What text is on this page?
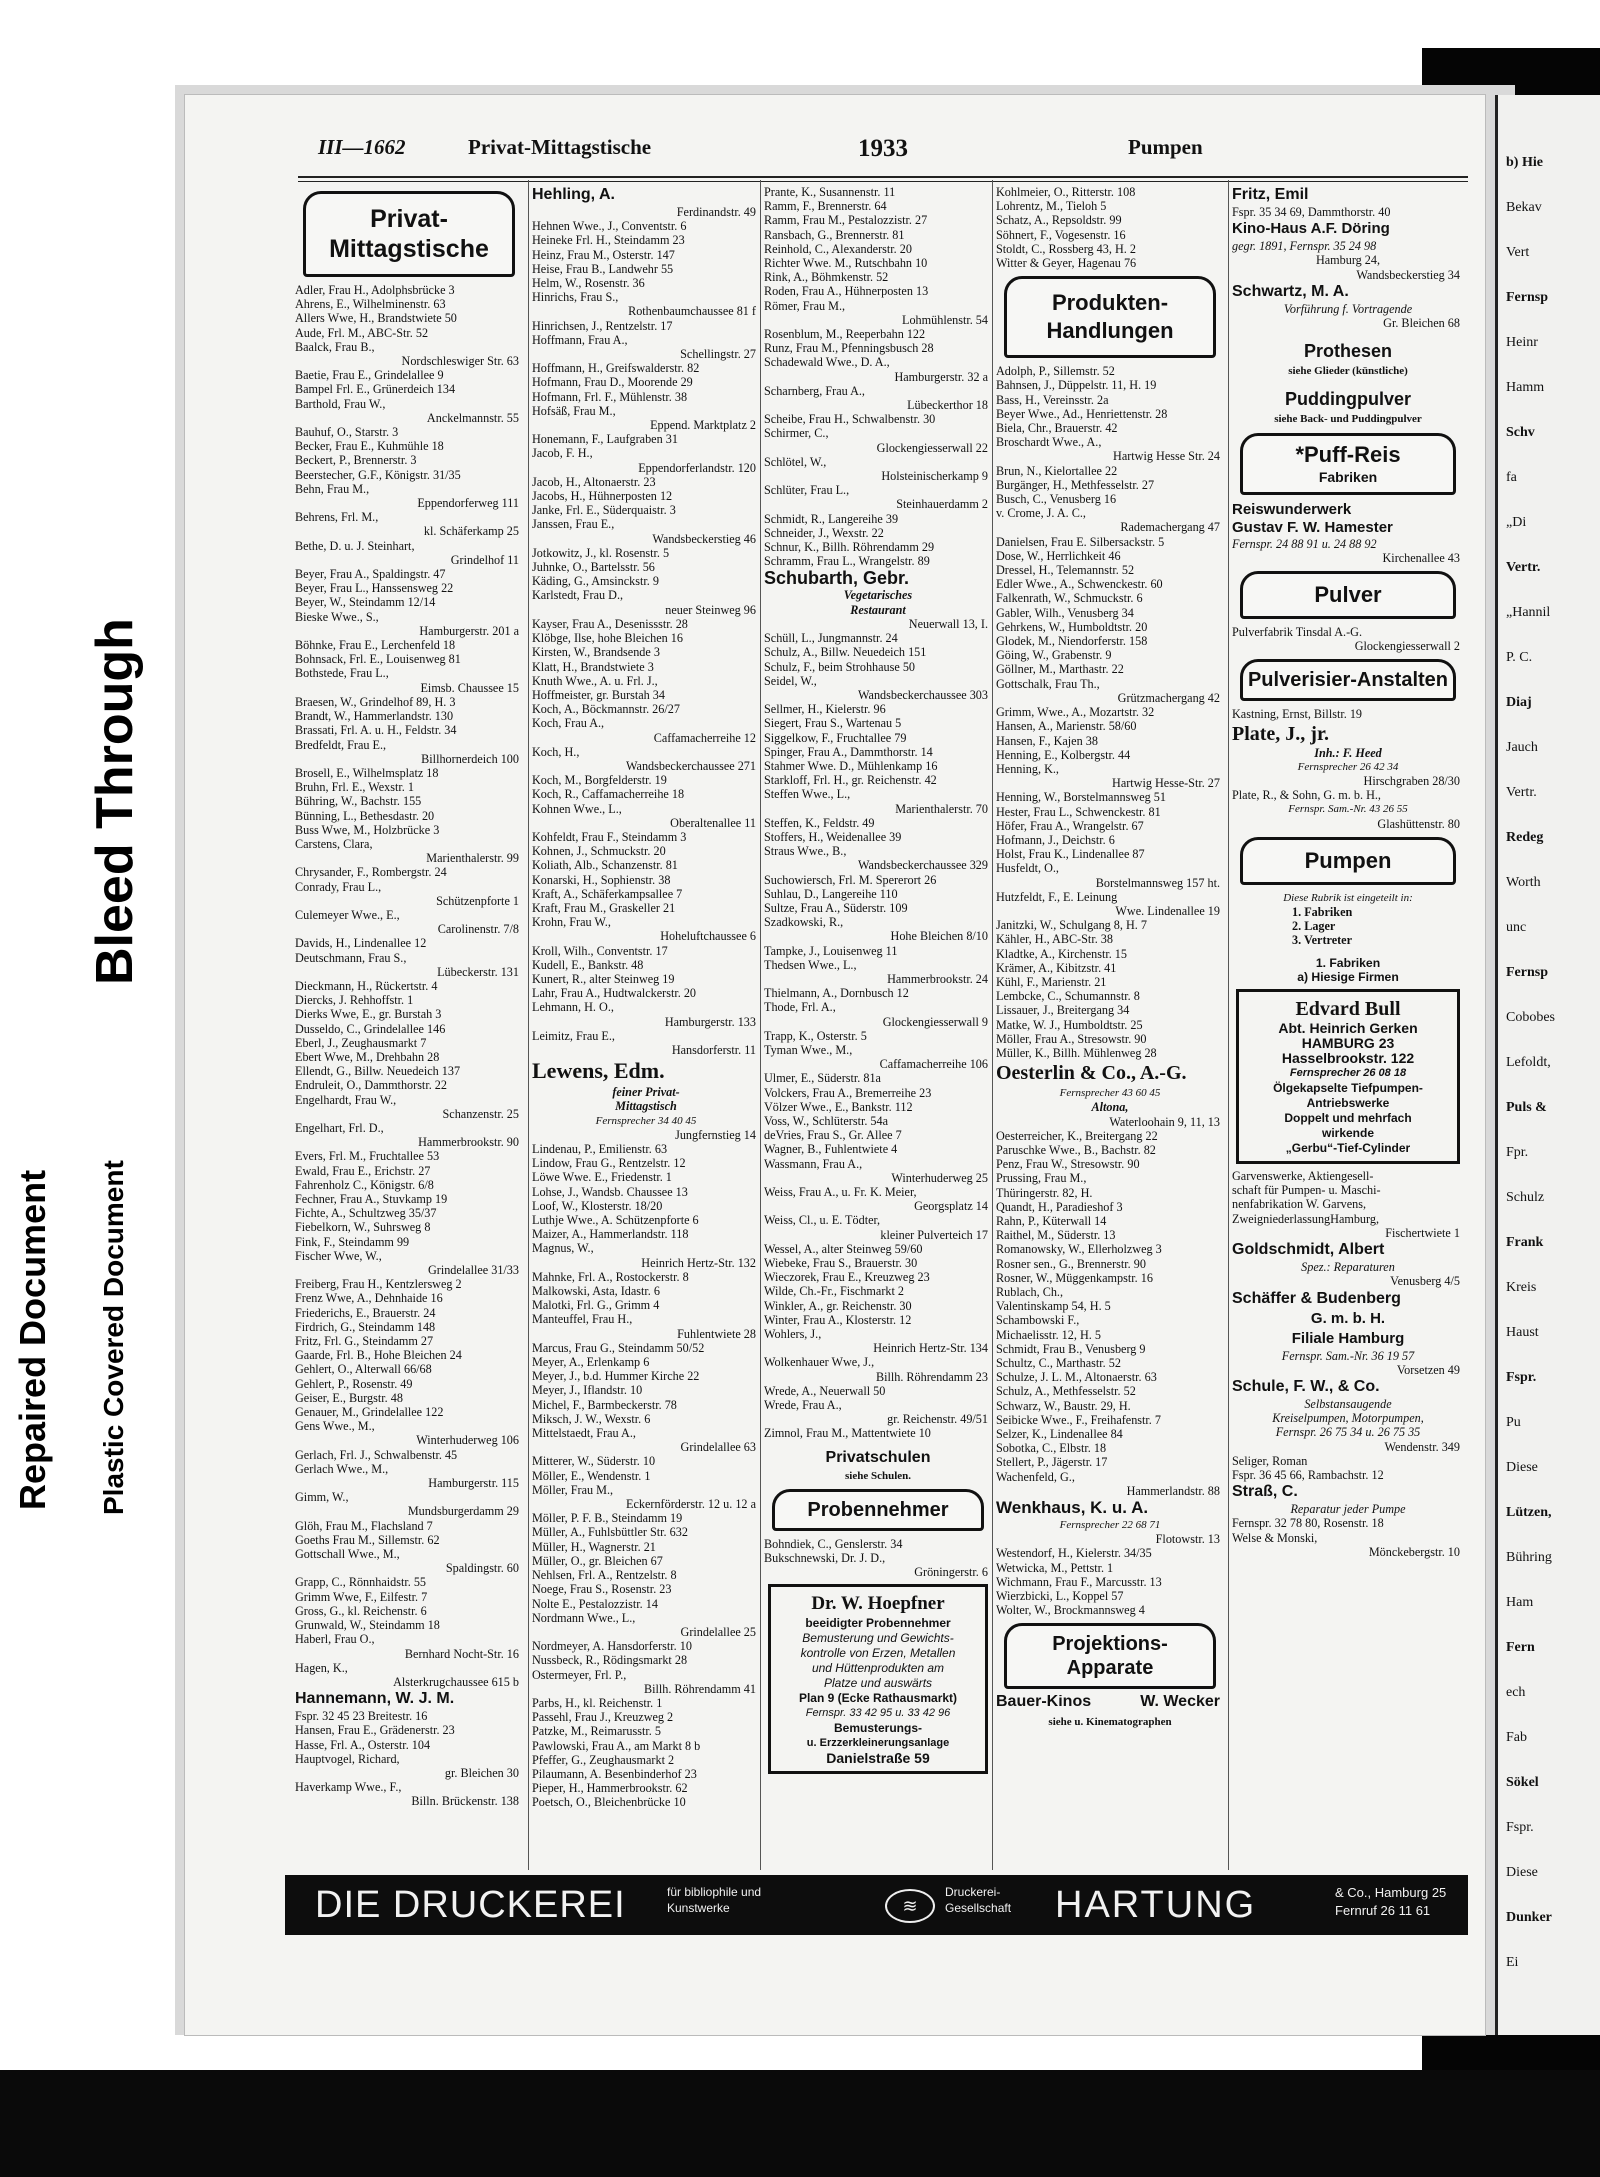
Repaired Document Plastic Covered Document
Bleed Through
b) Hie
Bekav
Vert
Fernsp
Heinr
Hamm
Schv
fa
„Di
Vertr.
„Hannil
P. C.
Diaj
Jauch
Vertr.
Redeg
Worth
unc
Fernsp
Cobobes
Lefoldt,
Puls &
Fpr.
Schulz
Frank
Kreis
Haust
Fspr.
Pu
Diese
Lützen,
Bühring
Ham
Fern
ech
Fab
Sökel
Fspr.
Diese
Dunker
Ei
III—1662	Privat-Mittagstische	1933	Pumpen
Privat-Mittagstische
Adler, Frau H., Adolphsbrücke 3
Ahrens, E., Wilhelminenstr. 63
Allers Wwe, H., Brandstwiete 50
Aude, Frl. M., ABC-Str. 52
Baalck, Frau B.,
Nordschleswiger Str. 63
Baetie, Frau E., Grindelallee 9
Bampel Frl. E., Grünerdeich 134
Barthold, Frau W.,
Anckelmannstr. 55
Bauhuf, O., Starstr. 3
Becker, Frau E., Kuhmühle 18
Beckert, P., Brennerstr. 3
Beerstecher, G.F., Königstr. 31/35
Behn, Frau M.,
Eppendorferweg 111
Behrens, Frl. M.,
kl. Schäferkamp 25
Bethe, D. u. J. Steinhart,
Grindelhof 11
Beyer, Frau A., Spaldingstr. 47
Beyer, Frau L., Hanssensweg 22
Beyer, W., Steindamm 12/14
Bieske Wwe., S.,
Hamburgerstr. 201 a
Böhnke, Frau E., Lerchenfeld 18
Bohnsack, Frl. E., Louisenweg 81
Bothstede, Frau L.,
Eimsb. Chaussee 15
Braesen, W., Grindelhof 89, H. 3
Brandt, W., Hammerlandstr. 130
Brassati, Frl. A. u. H., Feldstr. 34
Bredfeldt, Frau E.,
Billhornerdeich 100
Brosell, E., Wilhelmsplatz 18
Bruhn, Frl. E., Wexstr. 1
Bühring, W., Bachstr. 155
Bünning, L., Bethesdastr. 20
Buss Wwe, M., Holzbrücke 3
Carstens, Clara,
Marienthalerstr. 99
Chrysander, F., Rombergstr. 24
Conrady, Frau L.,
Schützenpforte 1
Culemeyer Wwe., E.,
Carolinenstr. 7/8
Davids, H., Lindenallee 12
Deutschmann, Frau S.,
Lübeckerstr. 131
Dieckmann, H., Rückertstr. 4
Diercks, J. Rehhoffstr. 1
Dierks Wwe, E., gr. Burstah 3
Dusseldo, C., Grindelallee 146
Eberl, J., Zeughausmarkt 7
Ebert Wwe, M., Drehbahn 28
Ellendt, G., Billw. Neuedeich 137
Endruleit, O., Dammthorstr. 22
Engelhardt, Frau W.,
Schanzenstr. 25
Engelhart, Frl. D.,
Hammerbrookstr. 90
Evers, Frl. M., Fruchtallee 53
Ewald, Frau E., Erichstr. 27
Fahrenholz C., Königstr. 6/8
Fechner, Frau A., Stuvkamp 19
Fichte, A., Schultzweg 35/37
Fiebelkorn, W., Suhrsweg 8
Fink, F., Steindamm 99
Fischer Wwe, W.,
Grindelallee 31/33
Freiberg, Frau H., Kentzlersweg 2
Frenz Wwe, A., Dehnhaide 16
Friederichs, E., Brauerstr. 24
Firdrich, G., Steindamm 148
Fritz, Frl. G., Steindamm 27
Gaarde, Frl. B., Hohe Bleichen 24
Gehlert, O., Alterwall 66/68
Gehlert, P., Rosenstr. 49
Geiser, E., Burgstr. 48
Genauer, M., Grindelallee 122
Gens Wwe., M.,
Winterhuderweg 106
Gerlach, Frl. J., Schwalbenstr. 45
Gerlach Wwe., M.,
Hamburgerstr. 115
Gimm, W.,
Mundsburgerdamm 29
Glöh, Frau M., Flachsland 7
Goeths Frau M., Sillemstr. 62
Gottschall Wwe., M.,
Spaldingstr. 60
Grapp, C., Rönnhaidstr. 55
Grimm Wwe, F., Eilfestr. 7
Gross, G., kl. Reichenstr. 6
Grunwald, W., Steindamm 18
Haberl, Frau O.,
Bernhard Nocht-Str. 16
Hagen, K.,
Alsterkrugchaussee 615 b
Hannemann, W. J. M.
Fspr. 32 45 23 Breitestr. 16
Hansen, Frau E., Grädenerstr. 23
Hasse, Frl. A., Osterstr. 104
Hauptvogel, Richard,
gr. Bleichen 30
Haverkamp Wwe., F.,
Billn. Brückenstr. 138
Hehling, A.
Ferdinandstr. 49
Hehnen Wwe., J., Conventstr. 6
Heineke Frl. H., Steindamm 23
Heinz, Frau M., Osterstr. 147
Heise, Frau B., Landwehr 55
Helm, W., Rosenstr. 36
Hinrichs, Frau S.,
Rothenbaumchaussee 81 f
Hinrichsen, J., Rentzelstr. 17
Hoffmann, Frau A.,
Schellingstr. 27
Hoffmann, H., Greifswalderstr. 82
Hofmann, Frau D., Moorende 29
Hofmann, Frl. F., Mühlenstr. 38
Hofsäß, Frau M.,
Eppend. Marktplatz 2
Honemann, F., Laufgraben 31
Jacob, F. H.,
Eppendorferlandstr. 120
Jacob, H., Altonaerstr. 23
Jacobs, H., Hühnerposten 12
Janke, Frl. E., Süderquaistr. 3
Janssen, Frau E.,
Wandsbeckerstieg 46
Jotkowitz, J., kl. Rosenstr. 5
Juhnke, O., Bartelsstr. 56
Käding, G., Amsinckstr. 9
Karlstedt, Frau D.,
neuer Steinweg 96
Kayser, Frau A., Desenissstr. 28
Klöbge, Ilse, hohe Bleichen 16
Kirsten, W., Brandsende 3
Klatt, H., Brandstwiete 3
Knuth Wwe., A. u. Frl. J.,
Hoffmeister, gr. Burstah 34
Koch, A., Böckmannstr. 26/27
Koch, Frau A.,
Caffamacherreihe 12
Koch, H.,
Wandsbeckerchaussee 271
Koch, M., Borgfelderstr. 19
Koch, R., Caffamacherreihe 18
Kohnen Wwe., L.,
Oberaltenallee 11
Kohfeldt, Frau F., Steindamm 3
Kohnen, J., Schmuckstr. 20
Koliath, Alb., Schanzenstr. 81
Konarski, H., Sophienstr. 38
Kraft, A., Schäferkampsallee 7
Kraft, Frau M., Graskeller 21
Krohn, Frau W.,
Hoheluftchaussee 6
Kroll, Wilh., Conventstr. 17
Kudell, E., Bankstr. 48
Kunert, R., alter Steinweg 19
Lahr, Frau A., Hudtwalckerstr. 20
Lehmann, H. O.,
Hamburgerstr. 133
Leimitz, Frau E.,
Hansdorferstr. 11
Lewens, Edm.
feiner Privat-
Mittagstisch
Fernsprecher 34 40 45
Jungfernstieg 14
Lindenau, P., Emilienstr. 63
Lindow, Frau G., Rentzelstr. 12
Löwe Wwe. E., Friedenstr. 1
Lohse, J., Wandsb. Chaussee 13
Loof, W., Klosterstr. 18/20
Luthje Wwe., A. Schützenpforte 6
Maizer, A., Hammerlandstr. 118
Magnus, W.,
Heinrich Hertz-Str. 132
Mahnke, Frl. A., Rostockerstr. 8
Malkowski, Asta, Idastr. 6
Malotki, Frl. G., Grimm 4
Manteuffel, Frau H.,
Fuhlentwiete 28
Marcus, Frau G., Steindamm 50/52
Meyer, A., Erlenkamp 6
Meyer, J., b.d. Hummer Kirche 22
Meyer, J., Iflandstr. 10
Michel, F., Barmbeckerstr. 78
Miksch, J. W., Wexstr. 6
Mittelstaedt, Frau A.,
Grindelallee 63
Mitterer, W., Süderstr. 10
Möller, E., Wendenstr. 1
Möller, Frau M.,
Eckernförderstr. 12 u. 12 a
Möller, P. F. B., Steindamm 19
Müller, A., Fuhlsbüttler Str. 632
Müller, H., Wagnerstr. 21
Müller, O., gr. Bleichen 67
Nehlsen, Frl. A., Rentzelstr. 8
Noege, Frau S., Rosenstr. 23
Nolte E., Pestalozzistr. 14
Nordmann Wwe., L.,
Grindelallee 25
Nordmeyer, A. Hansdorferstr. 10
Nussbeck, R., Rödingsmarkt 28
Ostermeyer, Frl. P.,
Billh. Röhrendamm 41
Parbs, H., kl. Reichenstr. 1
Passehl, Frau J., Kreuzweg 2
Patzke, M., Reimarusstr. 5
Pawlowski, Frau A., am Markt 8 b
Pfeffer, G., Zeughausmarkt 2
Pilaumann, A. Besenbinderhof 23
Pieper, H., Hammerbrookstr. 62
Poetsch, O., Bleichenbrücke 10
Prante, K., Susannenstr. 11
Ramm, F., Brennerstr. 64
Ramm, Frau M., Pestalozzistr. 27
Ransbach, G., Brennerstr. 81
Reinhold, C., Alexanderstr. 20
Richter Wwe. M., Rutschbahn 10
Rink, A., Böhmkenstr. 52
Roden, Frau A., Hühnerposten 13
Römer, Frau M.,
Lohmühlenstr. 54
Rosenblum, M., Reeperbahn 122
Runz, Frau M., Pfenningsbusch 28
Schadewald Wwe., D. A.,
Hamburgerstr. 32 a
Scharnberg, Frau A.,
Lübeckerthor 18
Scheibe, Frau H., Schwalbenstr. 30
Schirmer, C.,
Glockengiesserwall 22
Schlötel, W.,
Holsteinischerkamp 9
Schlüter, Frau L.,
Steinhauerdamm 2
Schmidt, R., Langereihe 39
Schneider, J., Wexstr. 22
Schnur, K., Billh. Röhrendamm 29
Schramm, Frau L., Wrangelstr. 89
Schubarth, Gebr.
Vegetarisches
Restaurant
Neuerwall 13, I.
Schüll, L., Jungmannstr. 24
Schulz, A., Billw. Neuedeich 151
Schulz, F., beim Strohhause 50
Seidel, W.,
Wandsbeckerchaussee 303
Sellmer, H., Kielerstr. 96
Siegert, Frau S., Wartenau 5
Siggelkow, F., Fruchtallee 79
Spinger, Frau A., Dammthorstr. 14
Stahmer Wwe. D., Mühlenkamp 16
Starkloff, Frl. H., gr. Reichenstr. 42
Steffen Wwe., L.,
Marienthalerstr. 70
Steffen, K., Feldstr. 49
Stoffers, H., Weidenallee 39
Straus Wwe., B.,
Wandsbeckerchaussee 329
Suchowiersch, Frl. M. Spererort 26
Suhlau, D., Langereihe 110
Sultze, Frau A., Süderstr. 109
Szadkowski, R.,
Hohe Bleichen 8/10
Tampke, J., Louisenweg 11
Thedsen Wwe., L.,
Hammerbrookstr. 24
Thielmann, A., Dornbusch 12
Thode, Frl. A.,
Glockengiesserwall 9
Trapp, K., Osterstr. 5
Tyman Wwe., M.,
Caffamacherreihe 106
Ulmer, E., Süderstr. 81a
Volckers, Frau A., Bremerreihe 23
Völzer Wwe., E., Bankstr. 112
Voss, W., Schlüterstr. 54a
deVries, Frau S., Gr. Allee 7
Wagner, B., Fuhlentwiete 4
Wassmann, Frau A.,
Winterhuderweg 25
Weiss, Frau A., u. Fr. K. Meier,
Georgsplatz 14
Weiss, Cl., u. E. Tödter,
kleiner Pulverteich 17
Wessel, A., alter Steinweg 59/60
Wiebeke, Frau S., Brauerstr. 30
Wieczorek, Frau E., Kreuzweg 23
Wilde, Ch.-Fr., Fischmarkt 2
Winkler, A., gr. Reichenstr. 30
Winter, Frau A., Klosterstr. 12
Wohlers, J.,
Heinrich Hertz-Str. 134
Wolkenhauer Wwe, J.,
Billh. Röhrendamm 23
Wrede, A., Neuerwall 50
Wrede, Frau A.,
gr. Reichenstr. 49/51
Zimnol, Frau M., Mattentwiete 10
Privatschulen
siehe Schulen.
Probennehmer
Bohndiek, C., Genslerstr. 34
Bukschnewski, Dr. J. D.,
Gröningerstr. 6
Dr. W. Hoepfner
beeidigter Probennehmer
Bemusterung und Gewichts-
kontrolle von Erzen, Metallen
und Hüttenprodukten am
Platze und auswärts
Plan 9 (Ecke Rathausmarkt)
Fernspr. 33 42 95 u. 33 42 96
Bemusterungs-
u. Erzzerkleinerungsanlage
Danielstraße 59
Kohlmeier, O., Ritterstr. 108
Lohrentz, M., Tieloh 5
Schatz, A., Repsoldstr. 99
Söhnert, F., Vogesenstr. 16
Stoldt, C., Rossberg 43, H. 2
Witter & Geyer, Hagenau 76
Produkten-Handlungen
Adolph, P., Sillemstr. 52
Bahnsen, J., Düppelstr. 11, H. 19
Bass, H., Vereinsstr. 2a
Beyer Wwe., Ad., Henriettenstr. 28
Biela, Chr., Brauerstr. 42
Broschardt Wwe., A.,
Hartwig Hesse Str. 24
Brun, N., Kielortallee 22
Burgänger, H., Methfesselstr. 27
Busch, C., Venusberg 16
v. Crome, J. A. C.,
Rademachergang 47
Danielsen, Frau E. Silbersackstr. 5
Dose, W., Herrlichkeit 46
Dressel, H., Telemannstr. 52
Edler Wwe., A., Schwenckestr. 60
Falkenrath, W., Schmuckstr. 6
Gabler, Wilh., Venusberg 34
Gehrkens, W., Humboldtstr. 20
Glodek, M., Niendorferstr. 158
Göing, W., Grabenstr. 9
Göllner, M., Marthastr. 22
Gottschalk, Frau Th.,
Grützmachergang 42
Grimm, Wwe., A., Mozartstr. 32
Hansen, A., Marienstr. 58/60
Hansen, F., Kajen 38
Henning, E., Kolbergstr. 44
Henning, K.,
Hartwig Hesse-Str. 27
Henning, W., Borstelmannsweg 51
Hester, Frau L., Schwenckestr. 81
Höfer, Frau A., Wrangelstr. 67
Hofmann, J., Deichstr. 6
Holst, Frau K., Lindenallee 87
Husfeldt, O.,
Borstelmannsweg 157 ht.
Hutzfeldt, F., E. Leinung
Wwe. Lindenallee 19
Janitzki, W., Schulgang 8, H. 7
Kähler, H., ABC-Str. 38
Kladtke, A., Kirchenstr. 15
Krämer, A., Kibitzstr. 41
Kühl, F., Marienstr. 21
Lembcke, C., Schumannstr. 8
Lissauer, J., Breitergang 34
Matke, W. J., Humboldtstr. 25
Möller, Frau A., Stresowstr. 90
Müller, K., Billh. Mühlenweg 28
Oesterlin & Co., A.-G.
Fernsprecher 43 60 45
Altona,
Waterloohain 9, 11, 13
Oesterreicher, K., Breitergang 22
Paruschke Wwe., B., Bachstr. 82
Penz, Frau W., Stresowstr. 90
Prussing, Frau M.,
Thüringerstr. 82, H.
Quandt, H., Paradieshof 3
Rahn, P., Küterwall 14
Raithel, M., Süderstr. 13
Romanowsky, W., Ellerholzweg 3
Rosner sen., G., Brennerstr. 90
Rosner, W., Müggenkampstr. 16
Rublach, Ch.,
Valentinskamp 54, H. 5
Schambowski F.,
Michaelisstr. 12, H. 5
Schmidt, Frau B., Venusberg 9
Schultz, C., Marthastr. 52
Schulze, J. L. M., Altonaerstr. 63
Schulz, A., Methfesselstr. 52
Schwarz, W., Baustr. 29, H.
Seibicke Wwe., F., Freihafenstr. 7
Selzer, K., Lindenallee 84
Sobotka, C., Elbstr. 18
Stellert, P., Jägerstr. 17
Wachenfeld, G.,
Hammerlandstr. 88
Wenkhaus, K. u. A.
Fernsprecher 22 68 71
Flotowstr. 13
Westendorf, H., Kielerstr. 34/35
Wetwicka, M., Pettstr. 1
Wichmann, Frau F., Marcusstr. 13
Wierzbicki, L., Koppel 57
Wolter, W., Brockmannsweg 4
Projektions-Apparate
Bauer-Kinos	W. Wecker
siehe u. Kinematographen
Fritz, Emil
Fspr. 35 34 69, Dammthorstr. 40
Kino-Haus A.F. Döring
gegr. 1891, Fernspr. 35 24 98
Hamburg 24,
Wandsbeckerstieg 34
Schwartz, M. A.
Vorführung f. Vortragende
Gr. Bleichen 68
Prothesen
siehe Glieder (künstliche)
Puddingpulver
siehe Back- und Puddingpulver
*Puff-Reis
Fabriken
Reiswunderwerk
Gustav F. W. Hamester
Fernspr. 24 88 91 u. 24 88 92
Kirchenallee 43
Pulver
Pulverfabrik Tinsdal A.-G.
Glockengiesserwall 2
Pulverisier-Anstalten
Kastning, Ernst, Billstr. 19
Plate, J., jr.
Inh.: F. Heed
Fernsprecher 26 42 34
Hirschgraben 28/30
Plate, R., & Sohn, G. m. b. H.,
Fernspr. Sam.-Nr. 43 26 55
Glashüttenstr. 80
Pumpen
Diese Rubrik ist eingeteilt in:
1. Fabriken
2. Lager
3. Vertreter
1. Fabriken
a) Hiesige Firmen
Edvard Bull
Abt. Heinrich Gerken
HAMBURG 23
Hasselbrookstr. 122
Fernsprecher 26 08 18
Ölgekapselte Tiefpumpen-
Antriebswerke
Doppelt und mehrfach
wirkende
„Gerbu“-Tief-Cylinder
Garvenswerke, Aktiengesell-
schaft für Pumpen- u. Maschi-
nenfabrikation W. Garvens,
ZweigniederlassungHamburg,
Fischertwiete 1
Goldschmidt, Albert
Spez.: Reparaturen
Venusberg 4/5
Schäffer & Budenberg
G. m. b. H.
Filiale Hamburg
Fernspr. Sam.-Nr. 36 19 57
Vorsetzen 49
Schule, F. W., & Co.
Selbstansaugende
Kreiselpumpen, Motorpumpen,
Fernspr. 26 75 34 u. 26 75 35
Wendenstr. 349
Seliger, Roman
Fspr. 36 45 66, Rambachstr. 12
Straß, C.
Reparatur jeder Pumpe
Fernspr. 32 78 80, Rosenstr. 18
Welse & Monski,
Mönckebergstr. 10
DIE DRUCKEREI	für bibliophile und
Kunstwerke	≋
Druckerei-
Gesellschaft	HARTUNG	& Co., Hamburg 25
Fernruf 26 11 61
